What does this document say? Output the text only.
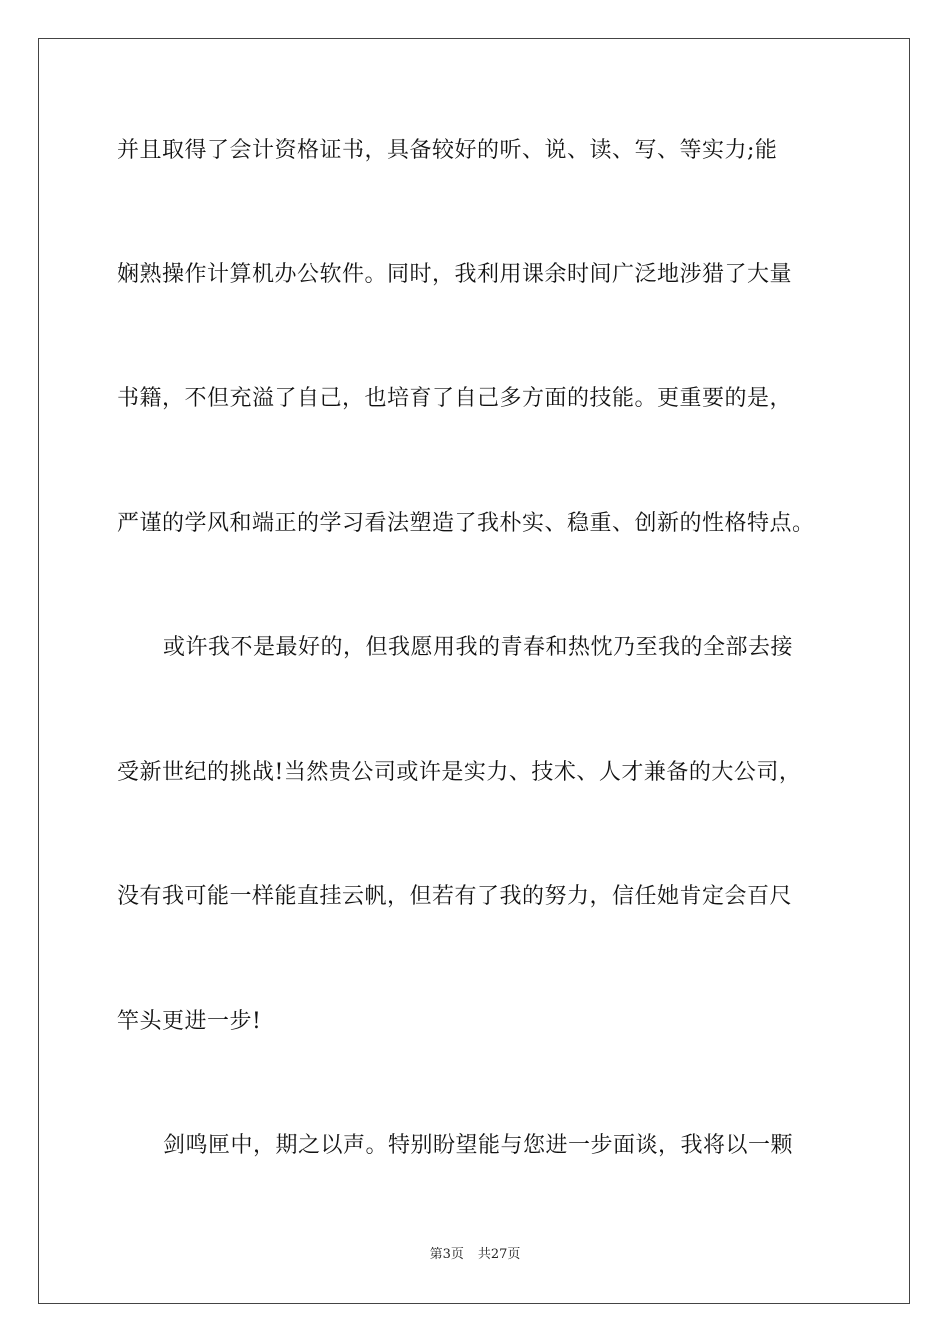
并且取得了会计资格证书，具备较好的听、说、读、写、等实力;能
娴熟操作计算机办公软件。同时，我利用课余时间广泛地涉猎了大量
书籍，不但充溢了自己，也培育了自己多方面的技能。更重要的是，
严谨的学风和端正的学习看法塑造了我朴实、稳重、创新的性格特点。
或许我不是最好的，但我愿用我的青春和热忱乃至我的全部去接
受新世纪的挑战!当然贵公司或许是实力、技术、人才兼备的大公司，
没有我可能一样能直挂云帆，但若有了我的努力，信任她肯定会百尺
竿头更进一步!
剑鸣匣中，期之以声。特别盼望能与您进一步面谈，我将以一颗
第3页 共27页
